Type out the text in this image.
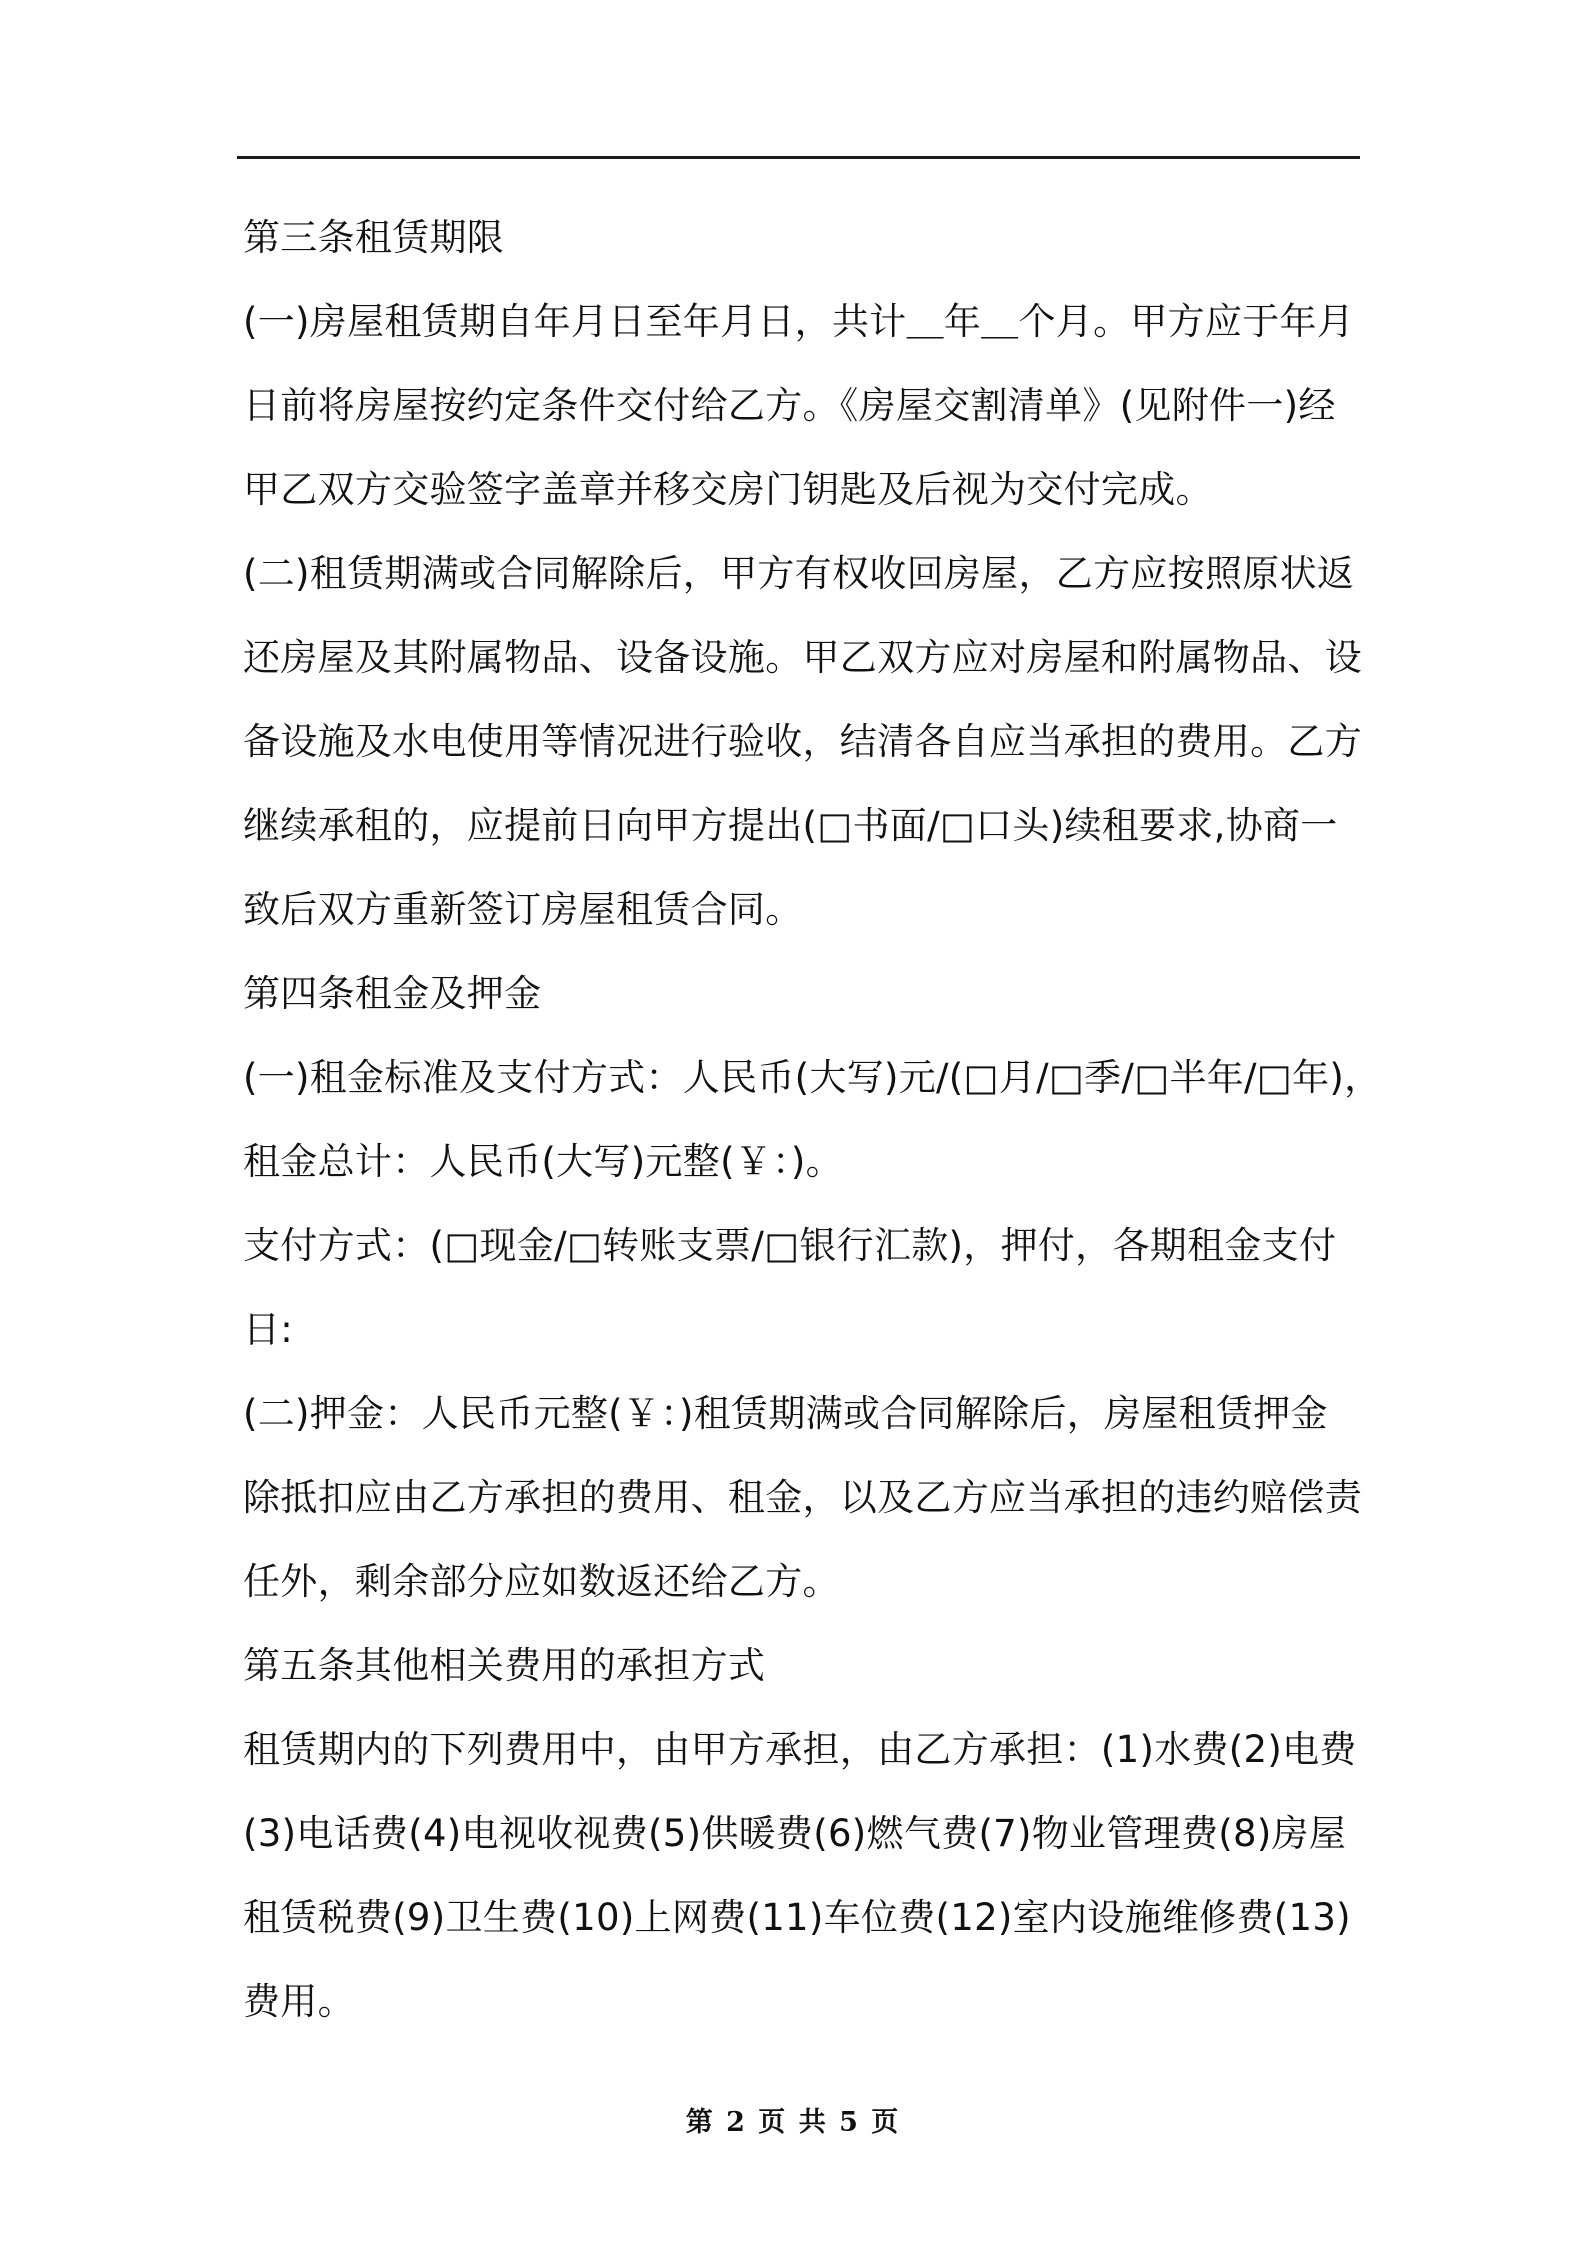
第三条租赁期限
(一)房屋租赁期自年月日至年月日，共计＿年＿个月。甲方应于年月
日前将房屋按约定条件交付给乙方。《房屋交割清单》(见附件一)经
甲乙双方交验签字盖章并移交房门钥匙及后视为交付完成。
(二)租赁期满或合同解除后，甲方有权收回房屋，乙方应按照原状返
还房屋及其附属物品、设备设施。甲乙双方应对房屋和附属物品、设
备设施及水电使用等情况进行验收，结清各自应当承担的费用。乙方
继续承租的，应提前日向甲方提出(□书面/□口头)续租要求,协商一
致后双方重新签订房屋租赁合同。
第四条租金及押金
(一)租金标准及支付方式：人民币(大写)元/(□月/□季/□半年/□年)，
租金总计：人民币(大写)元整(￥：)。
支付方式：(□现金/□转账支票/□银行汇款)，押付，各期租金支付
日:
(二)押金：人民币元整(￥：)租赁期满或合同解除后，房屋租赁押金
除抵扣应由乙方承担的费用、租金，以及乙方应当承担的违约赔偿责
任外，剩余部分应如数返还给乙方。
第五条其他相关费用的承担方式
租赁期内的下列费用中，由甲方承担，由乙方承担：(1)水费(2)电费
(3)电话费(4)电视收视费(5)供暖费(6)燃气费(7)物业管理费(8)房屋
租赁税费(9)卫生费(10)上网费(11)车位费(12)室内设施维修费(13)
费用。
第 2 页 共 5 页
